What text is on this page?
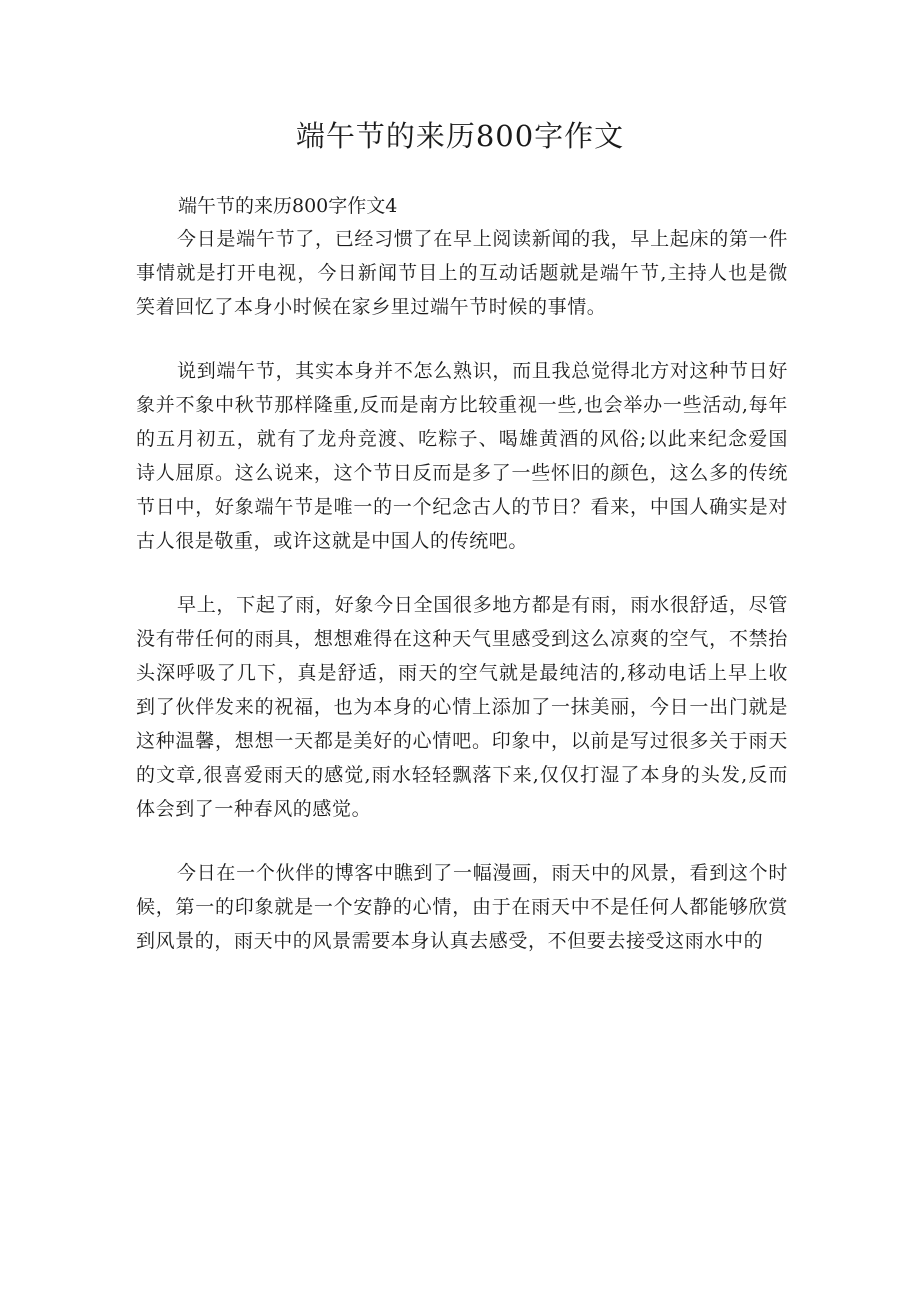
端午节的来历800字作文

端午节的来历800字作文4

今日是端午节了，已经习惯了在早上阅读新闻的我，早上起床的第一件事情就是打开电视，今日新闻节目上的互动话题就是端午节,主持人也是微笑着回忆了本身小时候在家乡里过端午节时候的事情。

说到端午节，其实本身并不怎么熟识，而且我总觉得北方对这种节日好象并不象中秋节那样隆重,反而是南方比较重视一些,也会举办一些活动,每年的五月初五，就有了龙舟竞渡、吃粽子、喝雄黄酒的风俗;以此来纪念爱国诗人屈原。这么说来，这个节日反而是多了一些怀旧的颜色，这么多的传统节日中，好象端午节是唯一的一个纪念古人的节日？看来，中国人确实是对古人很是敬重，或许这就是中国人的传统吧。

早上，下起了雨，好象今日全国很多地方都是有雨，雨水很舒适，尽管没有带任何的雨具，想想难得在这种天气里感受到这么凉爽的空气，不禁抬头深呼吸了几下，真是舒适，雨天的空气就是最纯洁的,移动电话上早上收到了伙伴发来的祝福，也为本身的心情上添加了一抹美丽，今日一出门就是这种温馨，想想一天都是美好的心情吧。印象中，以前是写过很多关于雨天的文章,很喜爱雨天的感觉,雨水轻轻飘落下来,仅仅打湿了本身的头发,反而体会到了一种春风的感觉。

今日在一个伙伴的博客中瞧到了一幅漫画，雨天中的风景，看到这个时候，第一的印象就是一个安静的心情，由于在雨天中不是任何人都能够欣赏到风景的，雨天中的风景需要本身认真去感受，不但要去接受这雨水中的
